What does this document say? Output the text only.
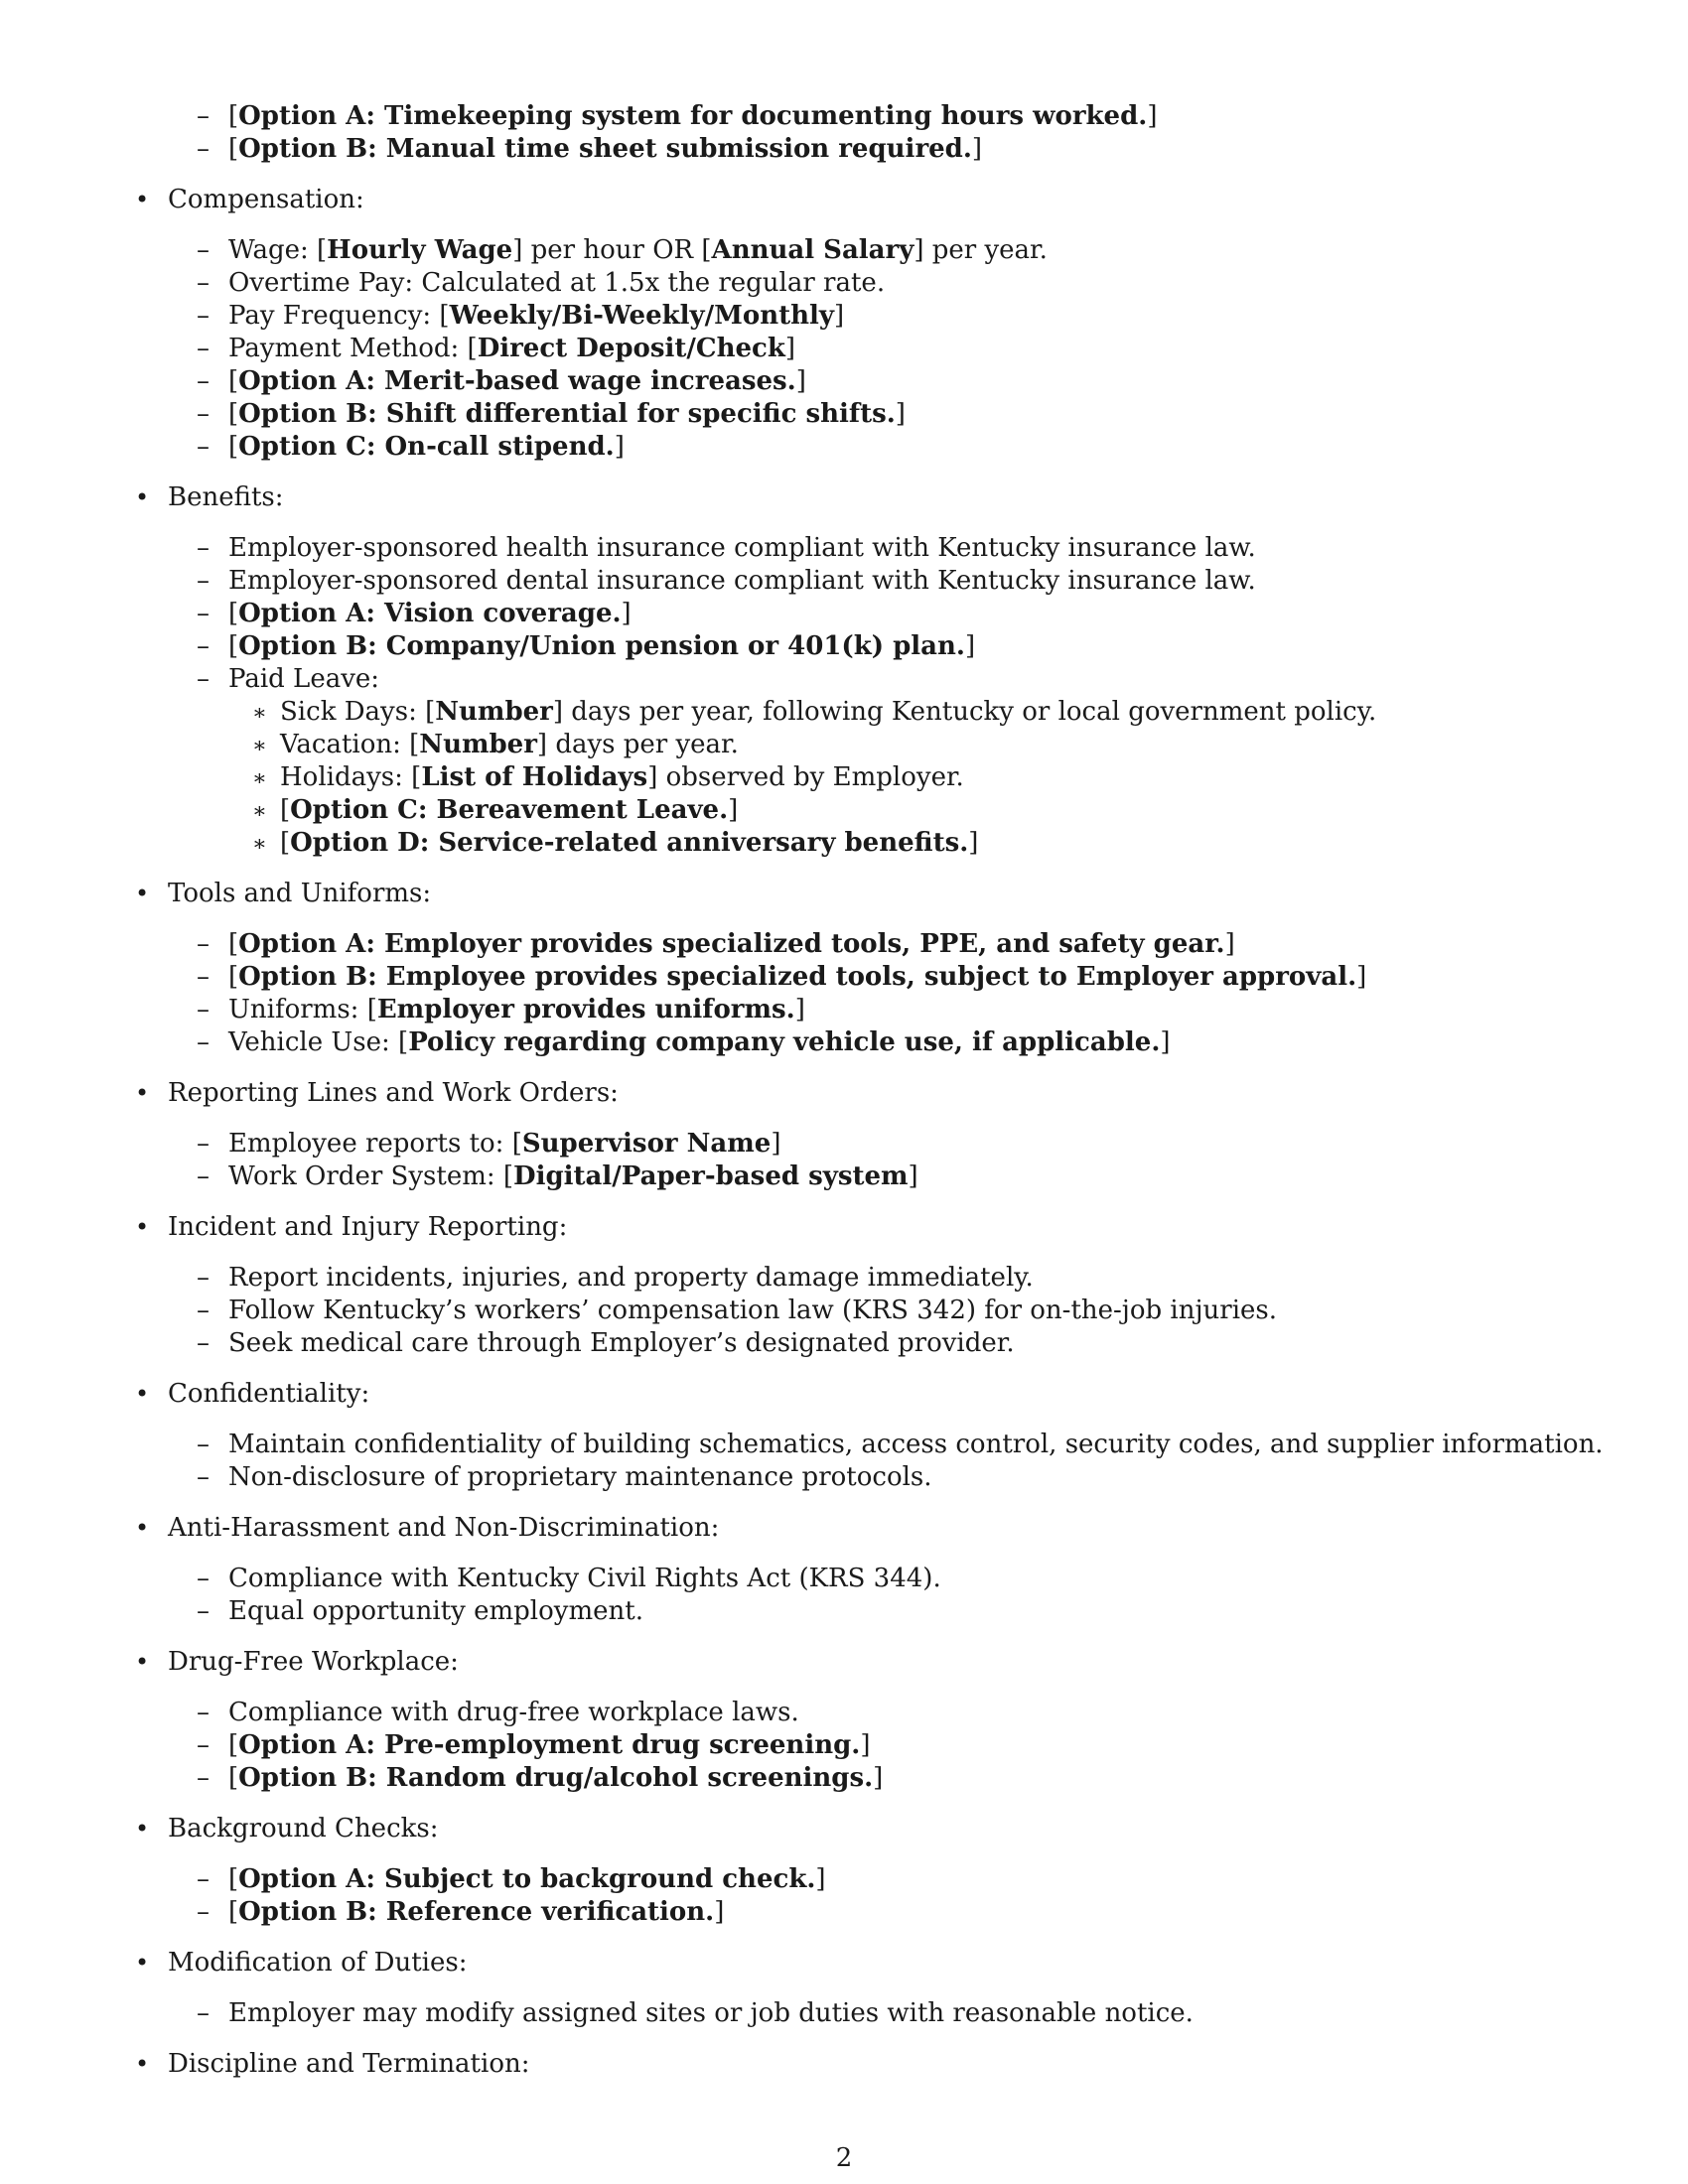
– [Option A: Timekeeping system for documenting hours worked.]
– [Option B: Manual time sheet submission required.]
• Compensation:
– Wage: [Hourly Wage] per hour OR [Annual Salary] per year.
– Overtime Pay: Calculated at 1.5x the regular rate.
– Pay Frequency: [Weekly/Bi-Weekly/Monthly]
– Payment Method: [Direct Deposit/Check]
– [Option A: Merit-based wage increases.]
– [Option B: Shift differential for specific shifts.]
– [Option C: On-call stipend.]
• Benefits:
– Employer-sponsored health insurance compliant with Kentucky insurance law.
– Employer-sponsored dental insurance compliant with Kentucky insurance law.
– [Option A: Vision coverage.]
– [Option B: Company/Union pension or 401(k) plan.]
– Paid Leave:
∗ Sick Days: [Number] days per year, following Kentucky or local government policy.
∗ Vacation: [Number] days per year.
∗ Holidays: [List of Holidays] observed by Employer.
∗ [Option C: Bereavement Leave.]
∗ [Option D: Service-related anniversary benefits.]
• Tools and Uniforms:
– [Option A: Employer provides specialized tools, PPE, and safety gear.]
– [Option B: Employee provides specialized tools, subject to Employer approval.]
– Uniforms: [Employer provides uniforms.]
– Vehicle Use: [Policy regarding company vehicle use, if applicable.]
• Reporting Lines and Work Orders:
– Employee reports to: [Supervisor Name]
– Work Order System: [Digital/Paper-based system]
• Incident and Injury Reporting:
– Report incidents, injuries, and property damage immediately.
– Follow Kentucky’s workers’ compensation law (KRS 342) for on-the-job injuries.
– Seek medical care through Employer’s designated provider.
• Confidentiality:
– Maintain confidentiality of building schematics, access control, security codes, and supplier information.
– Non-disclosure of proprietary maintenance protocols.
• Anti-Harassment and Non-Discrimination:
– Compliance with Kentucky Civil Rights Act (KRS 344).
– Equal opportunity employment.
• Drug-Free Workplace:
– Compliance with drug-free workplace laws.
– [Option A: Pre-employment drug screening.]
– [Option B: Random drug/alcohol screenings.]
• Background Checks:
– [Option A: Subject to background check.]
– [Option B: Reference verification.]
• Modification of Duties:
– Employer may modify assigned sites or job duties with reasonable notice.
• Discipline and Termination:
2
